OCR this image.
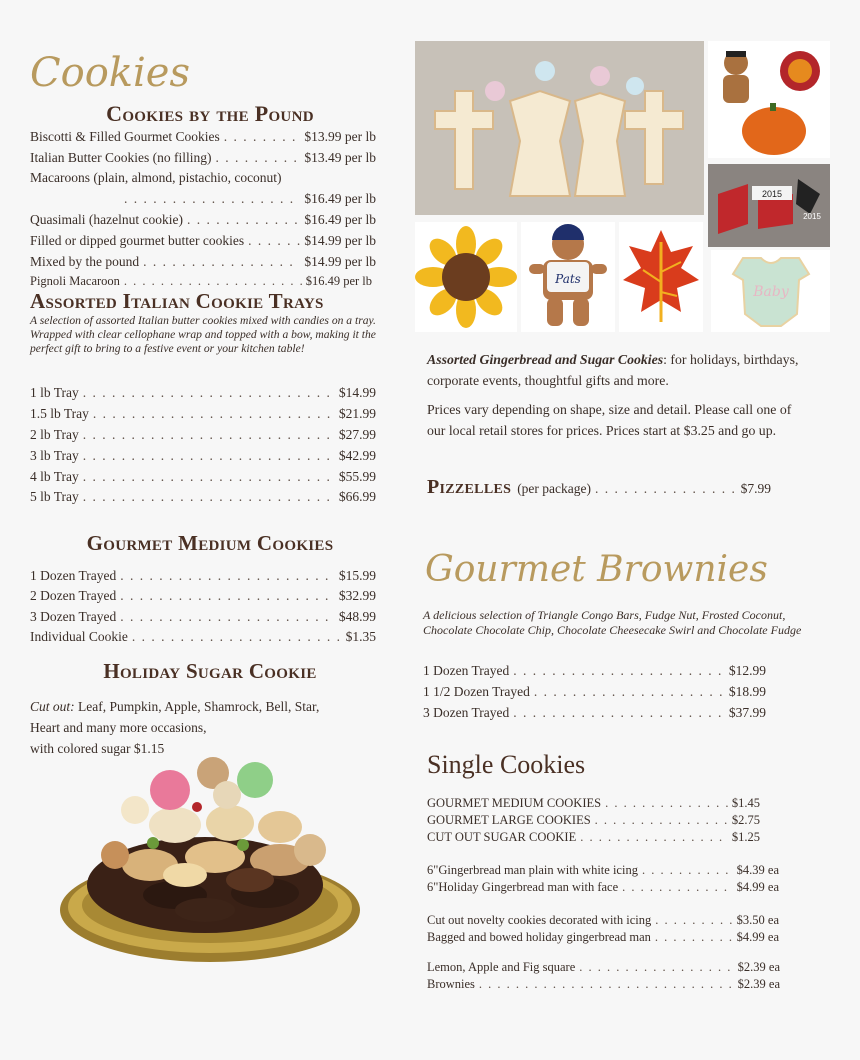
Cookies
Cookies by the Pound
Biscotti & Filled Gourmet Cookies . . .	$13.99 per lb
Italian Butter Cookies (no filling) . . .	$13.49 per lb
Macaroons (plain, almond, pistachio, coconut)
. . .
$16.49 per lb
Quasimali (hazelnut cookie) . . .	$16.49 per lb
Filled or dipped gourmet butter cookies . . .	$14.99 per lb
Mixed by the pound . . .	$14.99 per lb
Pignoli Macaroon . . .	$16.49 per lb
Assorted Italian Cookie Trays
A selection of assorted Italian butter cookies mixed with candies on a tray. Wrapped with clear cellophane wrap and topped with a bow, making it the perfect gift to bring to a festive event or your kitchen table!
1 lb Tray . . .	$14.99
1.5 lb Tray . . .	$21.99
2 lb Tray . . .	$27.99
3 lb Tray . . .	$42.99
4 lb Tray . . .	$55.99
5 lb Tray . . .	$66.99
Gourmet Medium Cookies
1 Dozen Trayed . . .	$15.99
2 Dozen Trayed . . .	$32.99
3 Dozen Trayed . . .	$48.99
Individual Cookie . . .	$1.35
Holiday Sugar Cookie
Cut out: Leaf, Pumpkin, Apple, Shamrock, Bell, Star,
Heart and many more occasions,
with colored sugar $1.15
2015
2015
Pats
Baby
Assorted Gingerbread and Sugar Cookies: for holidays, birthdays, corporate events, thoughtful gifts and more.
Prices vary depending on shape, size and detail. Please call one of our local retail stores for prices. Prices start at $3.25 and go up.
Pizzelles (per package) . . .	$7.99
Gourmet Brownies
A delicious selection of Triangle Congo Bars, Fudge Nut, Frosted Coconut, Chocolate Chocolate Chip, Chocolate Cheesecake Swirl and Chocolate Fudge
1 Dozen Trayed . . .	$12.99
1 1/2 Dozen Trayed . . .	$18.99
3 Dozen Trayed . . .	$37.99
Single Cookies
GOURMET MEDIUM COOKIES . . .	$1.45
GOURMET LARGE COOKIES . . .	$2.75
CUT OUT SUGAR COOKIE . . .	$1.25
6"Gingerbread man plain with white icing . . .	$4.39 ea
6"Holiday Gingerbread man with face . . .	$4.99 ea
Cut out novelty cookies decorated with icing . . .	$3.50 ea
Bagged and bowed holiday gingerbread man . . .	$4.99 ea
Lemon, Apple and Fig square . . .	$2.39 ea
Brownies . . .	$2.39 ea
